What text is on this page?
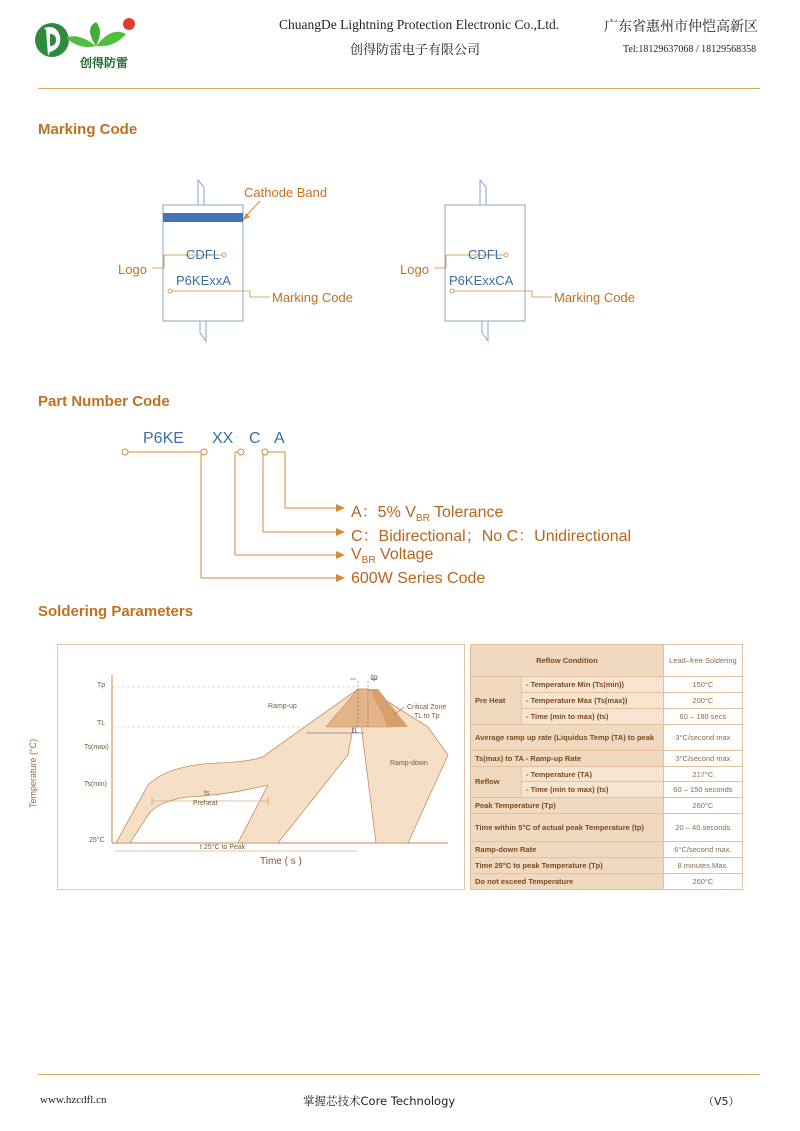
创得防雷
ChuangDe Lightning Protection Electronic Co.,Ltd.
创得防雷电子有限公司
广东省惠州市仲恺高新区
Tel:18129637068 / 18129568358
Marking Code
Cathode Band
Logo
CDFL
P6KExxA
Marking Code
Logo
CDFL
P6KExxCA
Marking Code
Part Number Code
P6KE XX C A
A：5% $V_{BR}$ Tolerance
C：Bidirectional；No C：Unidirectional
$V_{BR}$ Voltage
600W Series Code
Soldering Parameters
Temperature (°C)
Time ( s )
Tp
TL
Ts(max)
Ts(min)
25°C
Ramp-up
Ramp-down
Critical Zone
TL to Tp
Preheat
ts
tL
tp
t 25°C to Peak
Reflow Condition		Lead–free Soldering
Pre Heat	- Temperature Min (Ts(min))	150°C
	- Temperature Max (Ts(max))	200°C
	- Time (min to max) (ts)	60 – 180 secs
Average ramp up rate (Liquidus Temp (TA) to peak		3°C/second max
Ts(max) to TA - Ramp-up Rate		3°C/second max
Reflow	- Temperature (TA)	217°C
	- Time (min to max) (ts)	60 – 150 seconds
Peak Temperature (Tp)		260°C
Time within 5°C of actual peak Temperature (tp)		20 – 40 seconds
Ramp-down Rate		6°C/second max.
Time 25°C to peak Temperature (Tp)		8 minutes Max.
Do not exceed Temperature		260°C
www.hzcdfl.cn	掌握芯技术Core Technology	（V5）
